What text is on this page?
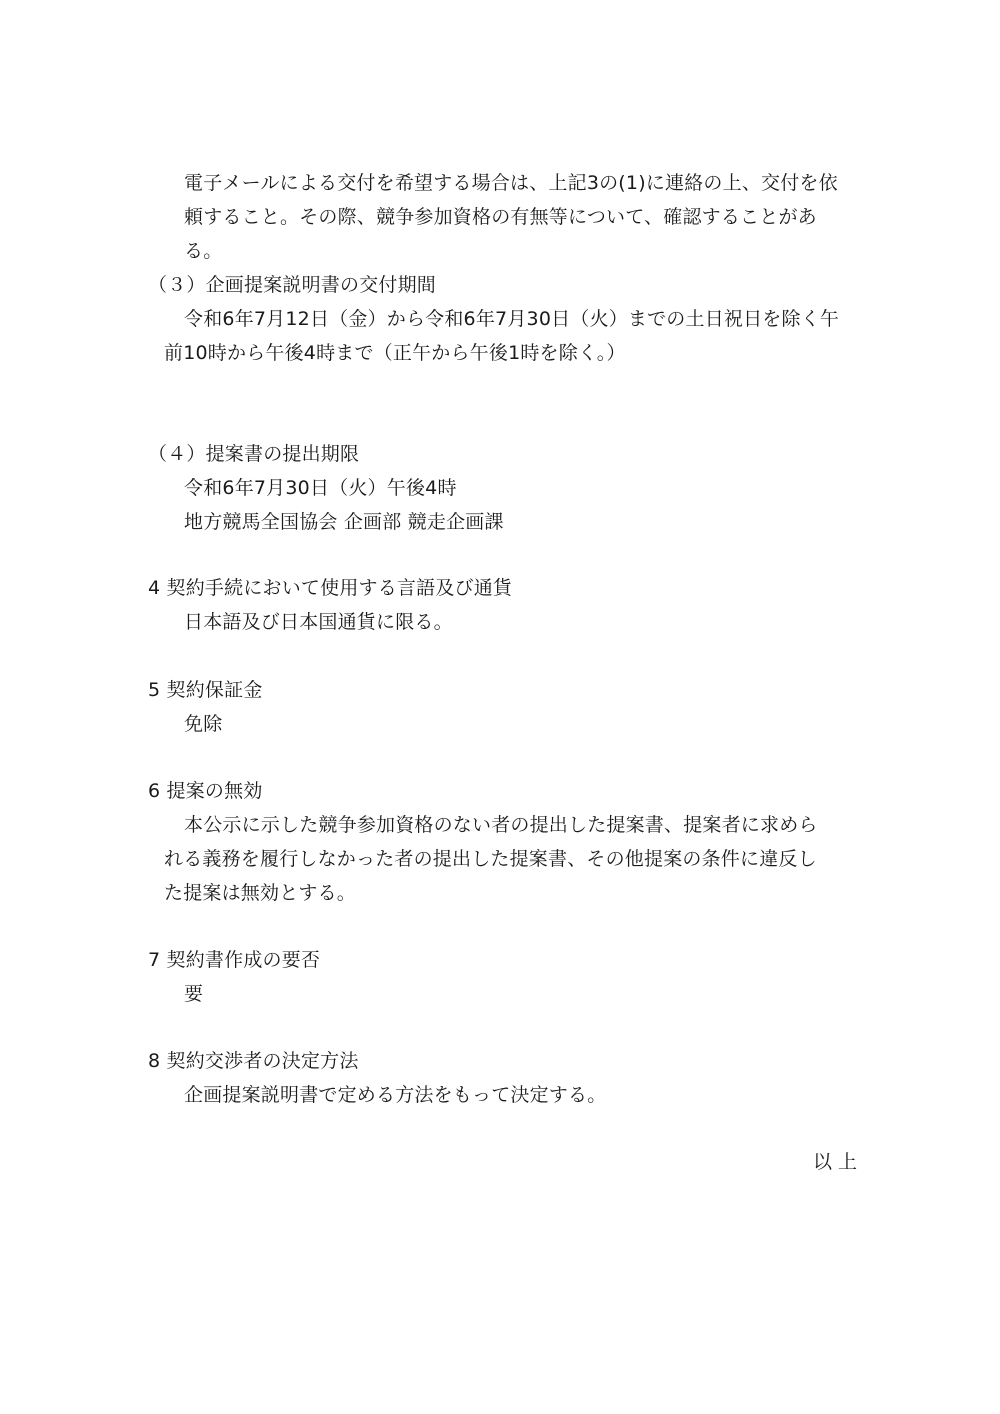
電子メールによる交付を希望する場合は、上記3の(1)に連絡の上、交付を依
頼すること。その際、競争参加資格の有無等について、確認することがあ
る。
（３）企画提案説明書の交付期間
令和6年7月12日（金）から令和6年7月30日（火）までの土日祝日を除く午
前10時から午後4時まで（正午から午後1時を除く。）
（４）提案書の提出期限
令和6年7月30日（火）午後4時
地方競馬全国協会 企画部 競走企画課
4 契約手続において使用する言語及び通貨
日本語及び日本国通貨に限る。
5 契約保証金
免除
6 提案の無効
本公示に示した競争参加資格のない者の提出した提案書、提案者に求めら
れる義務を履行しなかった者の提出した提案書、その他提案の条件に違反し
た提案は無効とする。
7 契約書作成の要否
要
8 契約交渉者の決定方法
企画提案説明書で定める方法をもって決定する。
以 上
